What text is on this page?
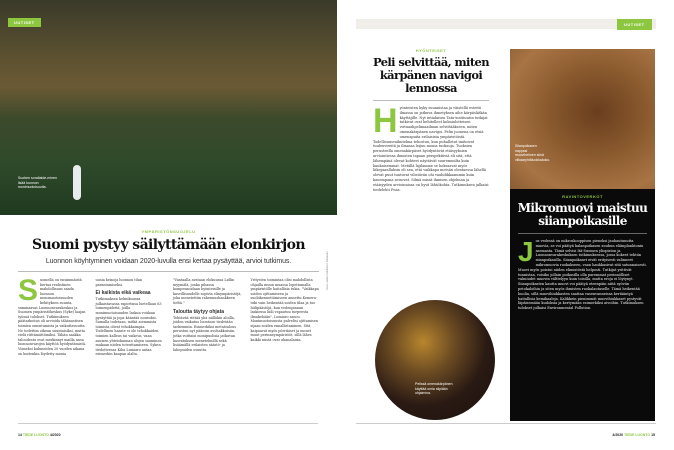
UUTISET
Suoben soraltaide-minen lisää luonnon monimuotoisuutta.
YMPÄRISTÖNSUOJELU
Suomi pystyy säilyttämään elonkirjon
Luonnon köyhtyminen voidaan 2020-luvulla ensi kertaa pysäyttää, arvioi tutkimus.

Suomella on ensimmäistä kertaa realistinen mahdollisuus saada luonnon monimuotoisuuden kehityksen suunta, summaavat Luonnonvarakeskus ja Suomen ympäristökeskus (Syke) laajan työnsä tulokset. Tutkimuksen päätarkoitus oli arvioida tähänastisen toimien onnistumista ja vaikuttavuutta. Ne todettiin oikean suuntaisiksi, mutta vielä riittämättömiksi. Tähän saakka taloudesta ovat merkinnyt mailla ansa luonnonvarojen käyttöä hyödyntämistä. Viimeksi kuluneiden 20 vuoden aikana on kuitenkin löydetty monia

uusia keinoja luonnon tilan parantamiseksi.
Ei kaikista eikä vaikeaa
Tutkimuksen helmikuussa julkaistavassa raportissa luetellaan 63 toimenpidettä, joilla monimuotoisuuden laskua voidaan pysäyttää ja jopa kääntää nousuksi. Samalla todetaan, mitkä aiemmista toimista olivat tehokkaimpia. Todellinen haaste ei ole tehokkaiden toimien kalleus tai vaikeus, vaan asuisen yhteiskunnan alojen saaminen mukaan niiden toteuttamiseen. Syken tiedotteessa Kiba Lumiaro antaa esimerkin kaupan alalta.

"Vantaalla avataan elokuussa Lidlin myymälä, jonka pihassa kompensoidaan hyönteisille ja kasvillisuudelle sopivia elinympäristöjä, joka menetettiin rakennushankkeen tieltä."
Taloutta täytyy ohjata
Tehtävää riittää yhä niilläkin aloilla, joiden vaikutus luontoon tiedetään tarkemmin. Esimerkiksi metsätalous perustuu nyt pääosin avohakkuisiin, jotka voittaisi monipuolisia jatkuvan kasvatuksen menetelmillä sekä lisäämällä erilaisten säästö- ja lahopuiden osuutta.

Yritysten toimintaa olisi mahdollista ohjailla muun muassa lopettamalla ympäristölle haitallisia tukia. "Vaikkapa soiden ojittamiseen ja suoliikennettämiseen annettu Kemera-tuki vain heikentää soiden tilaa ja tuo hiilipäästöjä, kun vedenpinnan laskiessa hiili vapautuu turpeesta ilmakehään", Lumiaro sanoo. Monimuotoisuusta palvelisi ojittamisen sijaan soiden ennallistaminen. Sitä kaipaavat myös pörriäiset ja monet muut perinneympäristöt, sillä lähes kaikki niistä ovat uhanalaisia.

Kuva: Jukka Koskimies / Vastavalo
14 TIEDE LUONTO 4/2020
UUTISET
HYÖNTEISET
Peli selvittää, miten kärpänen navigoi lennossa

Hyönteisten kyky suunnistaa ja väistellä esteitä ilmassa on jatkuva ihmetyksen aihe kärpäslätkän käyttäjille. Nyt intialaisen Tata-instituutin tutkijat tutkivat ovat kehitelleet kolmiulotteisen virtuaalipelimaailman selvittääkseen, miten omenakärpänen navigoi. Pelin juonena on etsiä omenapuita erilaisista ympäristöistä. Todellisuusvaikutelma tehostuu, kun puhalletut imitoivat tuulenvireitä ja ilmassa leijuu monia tuoksuja. Tuoksien perusteella omenakärpäset hyödyntävät etäisyyksien arviointiessa ihmisten tapaan perspektiiviä eli sitä, että lähempänä olevat kohteet näyttävät suuremmilta kuin kaukaisemmat. Metällä lajilamme se hoksaavat myös liikeparallaksin eli sen, että vaikkapa metsän olentaessa lähellä olevat puut tuntuvat vilistävän ohi vauhdikkaammin kuin kauempana seisovat. Silmä missä ihmisen ohjelman ja etäisyyden arvioinnissa on hyvä lähtökohta. Tutkimuksen julkaisi tiedelehti Pnas.

Pelissä omenakärpänen käyttää omia silpiään ohjaimina.
Siianpoikasen nappasi muovihelmen siinä vilkaaryhtäluokkakoko.
RAVINTOVERKOT
Mikromuovi maistuu siianpoikasille

Jos vedessä on mikroskooppisen pieneksi jauhautunutta muovia, se voi päätyä kalanpoikasen suuhun eläinplanktonin asemasta. Tämä selvisi Itä-Suomen yliopiston ja Luonnonvarakeskuksen tutkimuksessa, jossa kokeet tehtiin siianpoikasilla. Siianpoikaset eivät erityisesti valinneet mikromuovia ruokakseen, vaan haukkasivat sitä satunnaisesti. Muovi myös poistui niiden elimistöstä helposti. Tutkijat yrittivät tunnistaa, voisiko jollain poikasilla olla paremmat perinnölliset valmiudet muovin välttelyyn kuin toisilla, mutta eroja ei löytynyt. Siianpoikasten kautta muovi voi päätyä eteenpäin niitä syöviin petokaloihin ja siten myös ihmisten ruokalautaselle. Tämä heikentää huolia, sillä muovihiukkasten saattaa vasenvanneissa kertääntyä haitallisia kemikaaleja. Kalikkein pienimmät muovihiukkaset pystyvät läpäisemään kudoksia ja kertymään esimerkiksi aivoihin. Tutkimuksen tulokset julkaisi Environmental Pollution.

4/2020 TIEDE LUONTO 15
